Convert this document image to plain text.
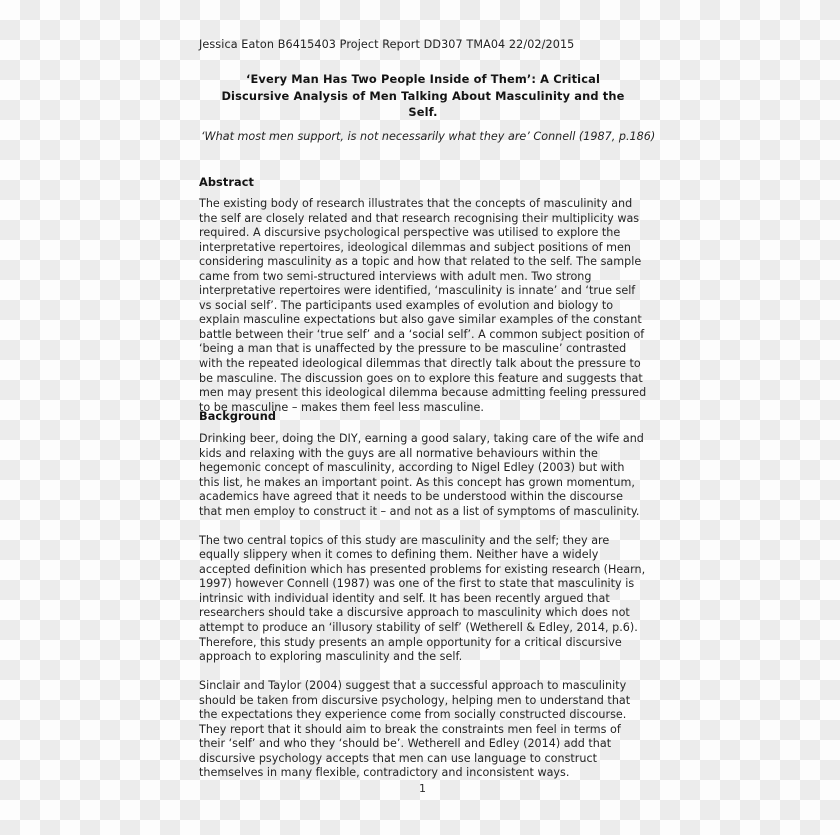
Jessica Eaton B6415403 Project Report DD307 TMA04 22/02/2015
‘Every Man Has Two People Inside of Them’: A Critical Discursive Analysis of Men Talking About Masculinity and the Self.
‘What most men support, is not necessarily what they are’ Connell (1987, p.186)
Abstract

The existing body of research illustrates that the concepts of masculinity and the self are closely related and that research recognising their multiplicity was required. A discursive psychological perspective was utilised to explore the interpretative repertoires, ideological dilemmas and subject positions of men considering masculinity as a topic and how that related to the self. The sample came from two semi-structured interviews with adult men. Two strong interpretative repertoires were identified, ‘masculinity is innate’ and ‘true self vs social self’. The participants used examples of evolution and biology to explain masculine expectations but also gave similar examples of the constant battle between their ‘true self’ and a ‘social self’. A common subject position of ‘being a man that is unaffected by the pressure to be masculine’ contrasted with the repeated ideological dilemmas that directly talk about the pressure to be masculine. The discussion goes on to explore this feature and suggests that men may present this ideological dilemma because admitting feeling pressured to be masculine – makes them feel less masculine.

Background

Drinking beer, doing the DIY, earning a good salary, taking care of the wife and kids and relaxing with the guys are all normative behaviours within the hegemonic concept of masculinity, according to Nigel Edley (2003) but with this list, he makes an important point. As this concept has grown momentum, academics have agreed that it needs to be understood within the discourse that men employ to construct it – and not as a list of symptoms of masculinity.

The two central topics of this study are masculinity and the self; they are equally slippery when it comes to defining them. Neither have a widely accepted definition which has presented problems for existing research (Hearn, 1997) however Connell (1987) was one of the first to state that masculinity is intrinsic with individual identity and self. It has been recently argued that researchers should take a discursive approach to masculinity which does not attempt to produce an ‘illusory stability of self’ (Wetherell & Edley, 2014, p.6). Therefore, this study presents an ample opportunity for a critical discursive approach to exploring masculinity and the self.

Sinclair and Taylor (2004) suggest that a successful approach to masculinity should be taken from discursive psychology, helping men to understand that the expectations they experience come from socially constructed discourse. They report that it should aim to break the constraints men feel in terms of their ‘self’ and who they ‘should be’. Wetherell and Edley (2014) add that discursive psychology accepts that men can use language to construct themselves in many flexible, contradictory and inconsistent ways.

1
